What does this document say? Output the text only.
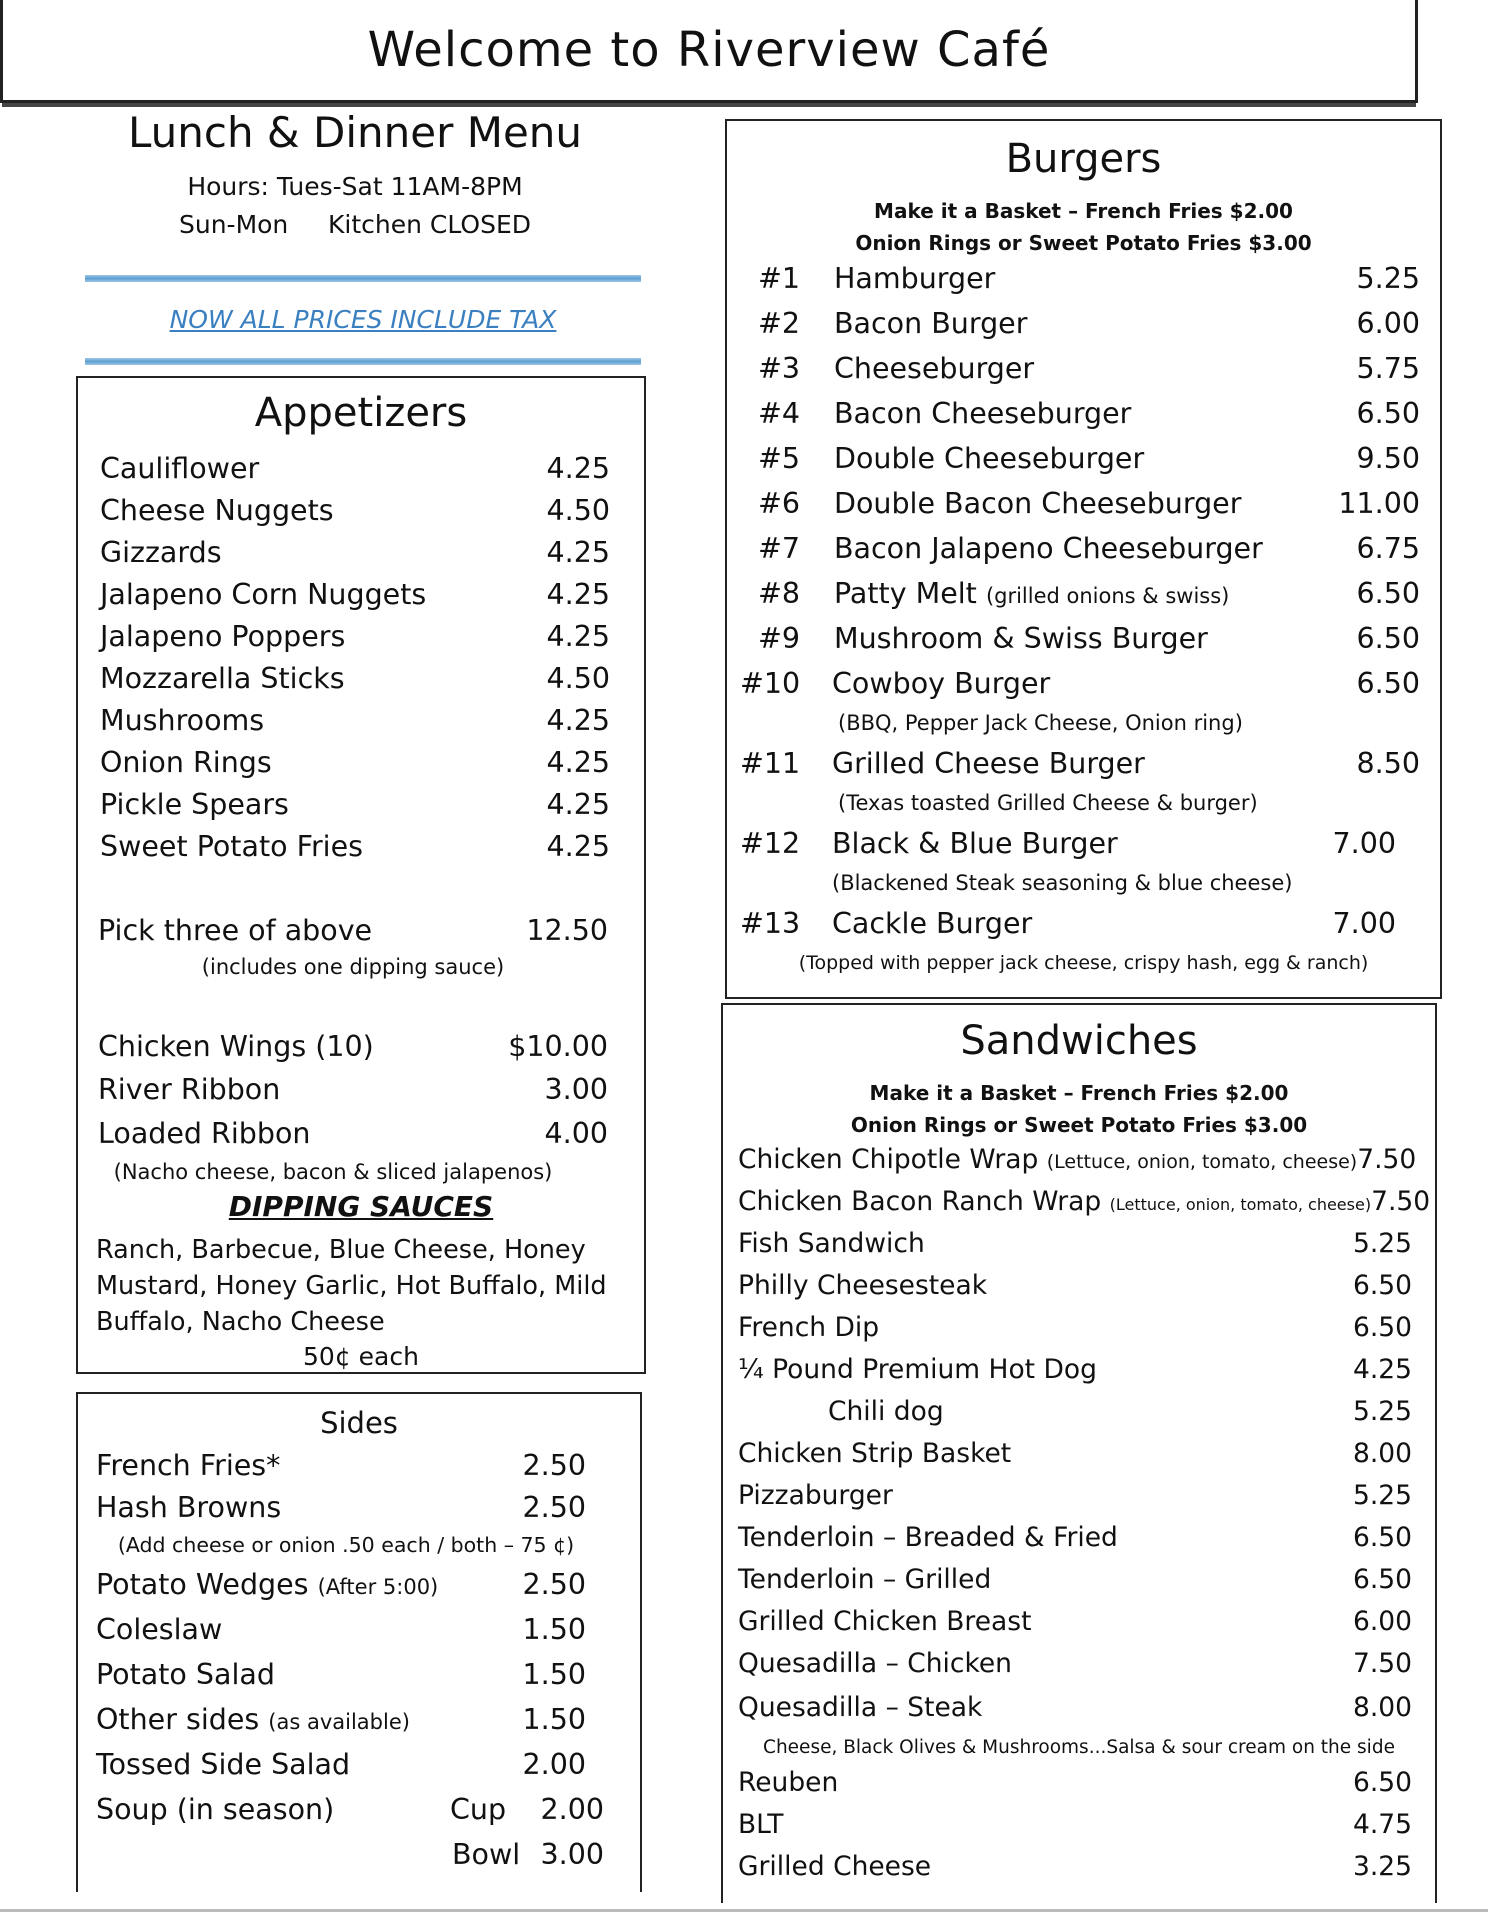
Welcome to Riverview Café
Lunch & Dinner Menu
Hours: Tues-Sat 11AM-8PM
Sun-Mon     Kitchen CLOSED
NOW ALL PRICES INCLUDE TAX
Appetizers
Cauliflower	4.25
Cheese Nuggets	4.50
Gizzards	4.25
Jalapeno Corn Nuggets	4.25
Jalapeno Poppers	4.25
Mozzarella Sticks	4.50
Mushrooms	4.25
Onion Rings	4.25
Pickle Spears	4.25
Sweet Potato Fries	4.25
Pick three of above	12.50
(includes one dipping sauce)
Chicken Wings (10)	$10.00
River Ribbon	3.00
Loaded Ribbon	4.00
(Nacho cheese, bacon & sliced jalapenos)
DIPPING SAUCES
Ranch, Barbecue, Blue Cheese, Honey
Mustard, Honey Garlic, Hot Buffalo, Mild
Buffalo, Nacho Cheese
50¢ each
Sides
French Fries*	2.50
Hash Browns	2.50
(Add cheese or onion .50 each / both – 75 ¢)
Potato Wedges (After 5:00)	2.50
Coleslaw	1.50
Potato Salad	1.50
Other sides (as available)	1.50
Tossed Side Salad	2.00
Soup (in season)	Cup	2.00
Bowl 3.00
Burgers
Make it a Basket – French Fries $2.00
Onion Rings or Sweet Potato Fries $3.00
#1	Hamburger	5.25
#2	Bacon Burger	6.00
#3	Cheeseburger	5.75
#4	Bacon Cheeseburger	6.50
#5	Double Cheeseburger	9.50
#6	Double Bacon Cheeseburger	11.00
#7	Bacon Jalapeno Cheeseburger	6.75
#8	Patty Melt (grilled onions & swiss)	6.50
#9	Mushroom & Swiss Burger	6.50
#10	Cowboy Burger	6.50
(BBQ, Pepper Jack Cheese, Onion ring)
#11	Grilled Cheese Burger	8.50
(Texas toasted Grilled Cheese & burger)
#12	Black & Blue Burger	7.00
(Blackened Steak seasoning & blue cheese)
#13	Cackle Burger	7.00
(Topped with pepper jack cheese, crispy hash, egg & ranch)
Sandwiches
Make it a Basket – French Fries $2.00
Onion Rings or Sweet Potato Fries $3.00
Chicken Chipotle Wrap (Lettuce, onion, tomato, cheese) 7.50
Chicken Bacon Ranch Wrap (Lettuce, onion, tomato, cheese) 7.50
Fish Sandwich	5.25
Philly Cheesesteak	6.50
French Dip	6.50
¼ Pound Premium Hot Dog	4.25
Chili dog	5.25
Chicken Strip Basket	8.00
Pizzaburger	5.25
Tenderloin – Breaded & Fried	6.50
Tenderloin – Grilled	6.50
Grilled Chicken Breast	6.00
Quesadilla – Chicken	7.50
Quesadilla – Steak	8.00
Cheese, Black Olives & Mushrooms...Salsa & sour cream on the side
Reuben	6.50
BLT	4.75
Grilled Cheese	3.25
